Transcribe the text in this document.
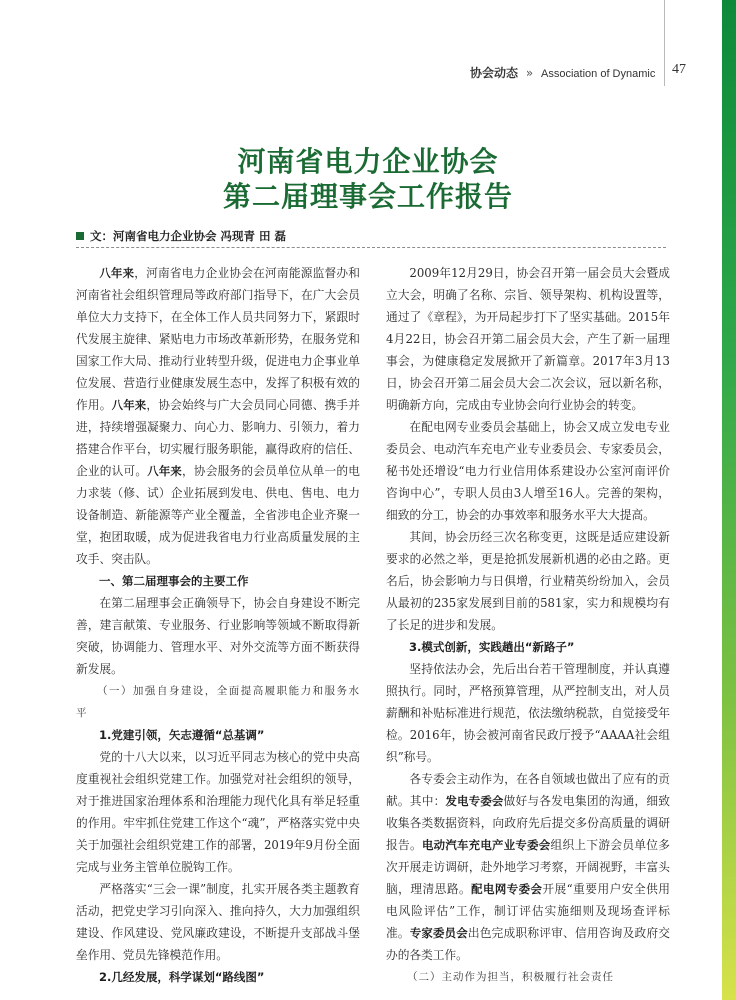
协会动态 » Association of Dynamic 47
河南省电力企业协会
第二届理事会工作报告
文：河南省电力企业协会 冯现青 田 磊

八年来，河南省电力企业协会在河南能源监督办和河南省社会组织管理局等政府部门指导下，在广大会员单位大力支持下，在全体工作人员共同努力下，紧跟时代发展主旋律、紧贴电力市场改革新形势，在服务党和国家工作大局、推动行业转型升级，促进电力企事业单位发展、营造行业健康发展生态中，发挥了积极有效的作用。八年来，协会始终与广大会员同心同德、携手并进，持续增强凝聚力、向心力、影响力、引领力，着力搭建合作平台，切实履行服务职能，赢得政府的信任、企业的认可。八年来，协会服务的会员单位从单一的电力求装（修、试）企业拓展到发电、供电、售电、电力设备制造、新能源等产业全覆盖，全省涉电企业齐聚一堂，抱团取暖，成为促进我省电力行业高质量发展的主攻手、突击队。

一、第二届理事会的主要工作

在第二届理事会正确领导下，协会自身建设不断完善，建言献策、专业服务、行业影响等领域不断取得新突破，协调能力、管理水平、对外交流等方面不断获得新发展。

（一）加强自身建设，全面提高履职能力和服务水平

1.党建引领，矢志遵循“总基调”

党的十八大以来，以习近平同志为核心的党中央高度重视社会组织党建工作。加强党对社会组织的领导，对于推进国家治理体系和治理能力现代化具有举足轻重的作用。牢牢抓住党建工作这个“魂”，严格落实党中央关于加强社会组织党建工作的部署，2019年9月份全面完成与业务主管单位脱钩工作。

严格落实“三会一课”制度，扎实开展各类主题教育活动，把党史学习引向深入、推向持久，大力加强组织建设、作风建设、党风廉政建设，不断提升支部战斗堡垒作用、党员先锋模范作用。

2.几经发展，科学谋划“路线图”

2009年12月29日，协会召开第一届会员大会暨成立大会，明确了名称、宗旨、领导架构、机构设置等，通过了《章程》，为开局起步打下了坚实基础。2015年4月22日，协会召开第二届会员大会，产生了新一届理事会，为健康稳定发展掀开了新篇章。2017年3月13日，协会召开第二届会员大会二次会议，冠以新名称，明确新方向，完成由专业协会向行业协会的转变。

在配电网专业委员会基础上，协会又成立发电专业委员会、电动汽车充电产业专业委员会、专家委员会，秘书处还增设“电力行业信用体系建设办公室河南评价咨询中心”，专职人员由3人增至16人。完善的架构，细致的分工，协会的办事效率和服务水平大大提高。

其间，协会历经三次名称变更，这既是适应建设新要求的必然之举，更是抢抓发展新机遇的必由之路。更名后，协会影响力与日俱增，行业精英纷纷加入，会员从最初的235家发展到目前的581家，实力和规模均有了长足的进步和发展。

3.模式创新，实践趟出“新路子”

坚持依法办会，先后出台若干管理制度，并认真遵照执行。同时，严格预算管理，从严控制支出，对人员薪酬和补贴标准进行规范，依法缴纳税款，自觉接受年检。2016年，协会被河南省民政厅授予“AAAA社会组织”称号。

各专委会主动作为，在各自领域也做出了应有的贡献。其中：发电专委会做好与各发电集团的沟通，细致收集各类数据资料，向政府先后提交多份高质量的调研报告。电动汽车充电产业专委会组织上下游会员单位多次开展走访调研，赴外地学习考察，开阔视野，丰富头脑，理清思路。配电网专委会开展“重要用户安全供用电风险评估”工作，制订评估实施细则及现场查评标准。专家委员会出色完成职称评审、信用咨询及政府交办的各类工作。

（二）主动作为担当，积极履行社会责任
